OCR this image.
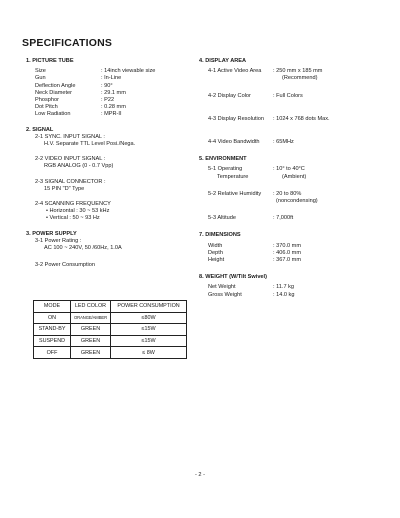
SPECIFICATIONS
1. PICTURE TUBE
Size	: 14inch viewable size
Gun	: In-Line
Deflection Angle	: 90°
Neck Diameter	: 29.1 mm
Phosphor	: P22
Dot Pitch	: 0.28 mm
Low Radiation	: MPR-II
2. SIGNAL
2-1 SYNC. INPUT SIGNAL :
H.V. Separate TTL Level Posi./Nega.
2-2 VIDEO INPUT SIGNAL :
RGB ANALOG (0 - 0.7 Vpp)
2-3 SIGNAL CONNECTOR :
15 PIN "D" Type
2-4 SCANNING FREQUENCY
• Horizontal : 30 ~ 53 kHz
• Vertical : 50 ~ 93 Hz
3. POWER SUPPLY
3-1 Power Rating :
AC 100 ~ 240V, 50 /60Hz, 1.0A
3-2 Power Consumption
MODE	LED COLOR	POWER CONSUMPTION
ON	ORANGE/AMBER	≤80W
STAND-BY	GREEN	≤15W
SUSPEND	GREEN	≤15W
OFF	GREEN	≤ 8W
4. DISPLAY AREA
4-1 Active Video Area	: 250 mm x 185 mm
(Recommend)
4-2 Display Color	: Full Colors
4-3 Display Resolution	: 1024 x 768 dots Max.
4-4 Video Bandwidth	: 65MHz
5. ENVIRONMENT
5-1 Operating	: 10° to 40°C
Temperature	(Ambient)
5-2 Relative Humidity	: 20 to 80%
(noncondensing)
5-3 Altitude	: 7,000ft
7. DIMENSIONS
Width	: 370.0 mm
Depth	: 406.0 mm
Height	: 367.0 mm
8. WEIGHT (W/Tilt Swivel)
Net Weight	: 11.7 kg
Gross Weight	: 14.0 kg
- 2 -
